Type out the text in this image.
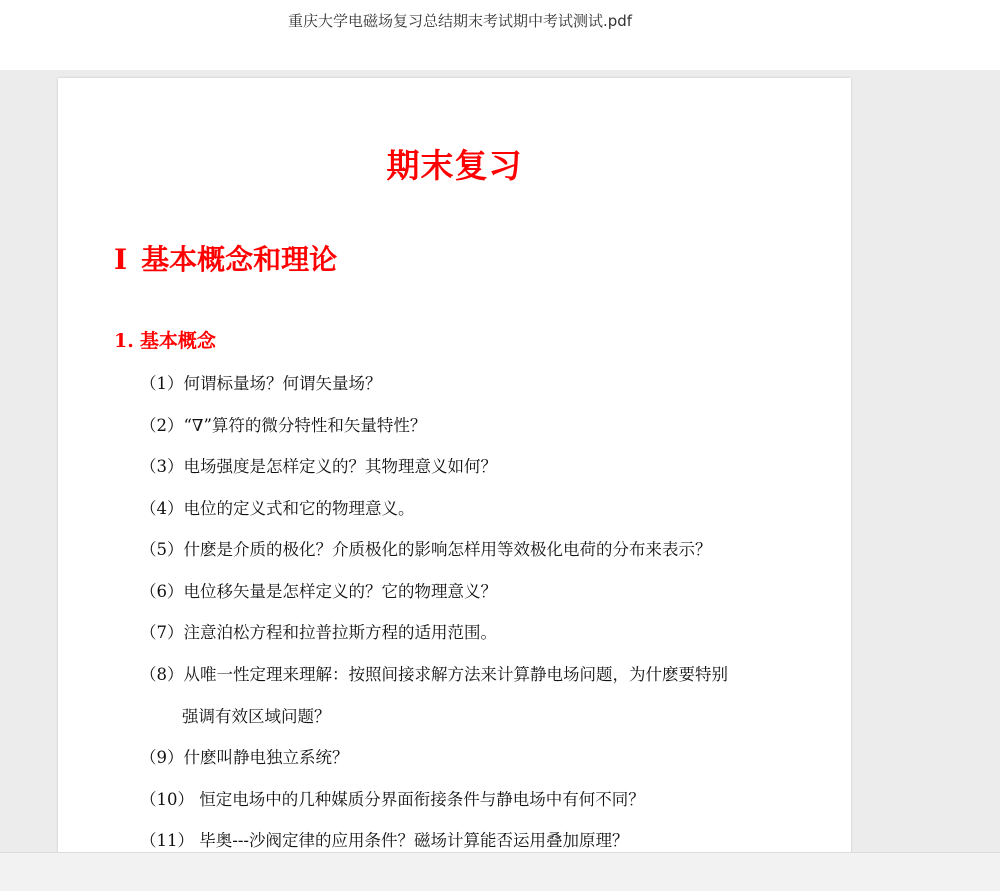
重庆大学电磁场复习总结期末考试期中考试测试.pdf
期末复习
I 基本概念和理论
1. 基本概念
（1）何谓标量场？何谓矢量场？
（2）“∇”算符的微分特性和矢量特性？
（3）电场强度是怎样定义的？其物理意义如何？
（4）电位的定义式和它的物理意义。
（5）什麽是介质的极化？介质极化的影响怎样用等效极化电荷的分布来表示？
（6）电位移矢量是怎样定义的？它的物理意义？
（7）注意泊松方程和拉普拉斯方程的适用范围。
（8）从唯一性定理来理解：按照间接求解方法来计算静电场问题，为什麽要特别
强调有效区域问题？
（9）什麽叫静电独立系统？
（10） 恒定电场中的几种媒质分界面衔接条件与静电场中有何不同？
（11） 毕奥---沙阀定律的应用条件？磁场计算能否运用叠加原理？
